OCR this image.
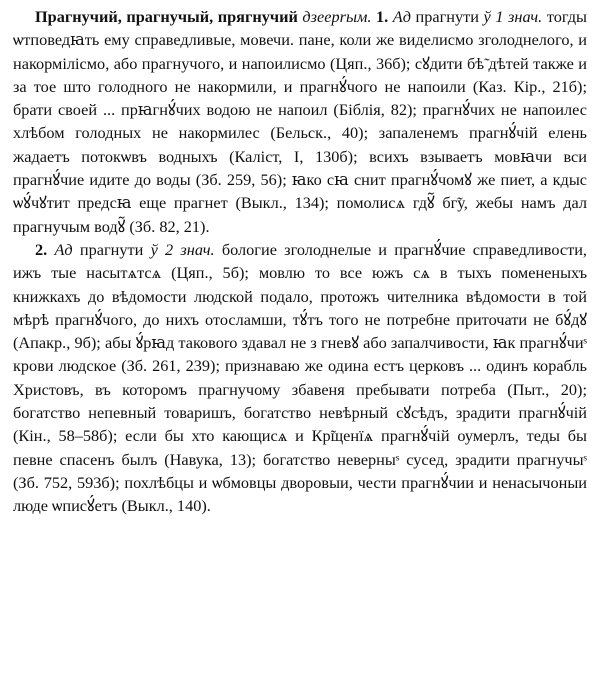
Прагнучий, прагнучый, прягнучий дзеeprым. 1. Ад прагнути ў 1 знач. тогды ѡтповедꙗть ему справедливые, мовечи. пане, коли же виделисмо зголоднелого, и накормілісмо, або прагнучого, и напоилисмо (Цяп., 36б); сꙋдити бѣ̃ дѣтей также и за тое што голодного не накормили, и прагнꙋ́чого не напоили (Каз. Кір., 21б); брати своей ... прꙗгнꙋ́чих водою не напоил (Біблія, 82); прагнꙋ́чих не напоилес хлѣбом голодных не накормилес (Бельск., 40); запаленемъ прагнꙋ́чій елень жадаетъ потокѡвъ водныхъ (Каліст, І, 130б); всихъ взываетъ мовꙗчи вси прагнꙋ́чие идите до воды (Зб. 259, 56); ꙗко сꙗ снит прагнꙋ́чомꙋ же пиет, а кдыс ѡꙋ́чꙋтит предсꙗ еще прагнет (Выкл., 134); помолисѧ гдꙋ̃ бг̃у, жебы намъ дал прагнучым водꙋ̃ (Зб. 82, 21).

2. Ад прагнути ў 2 знач. бологие зголоднелые и прагнꙋ́чие справедливости, ижъ тые насытѧтсѧ (Цяп., 5б); мовлю то все южъ сѧ в тыхъ помененыхъ книжкахъ до вѣдомости людской подало, протожъ чителника вѣдомости в той мѣрѣ прагнꙋ́чого, до нихъ отосламши, тꙋ́тъ того не потребне приточати не бꙋ́дꙋ (Апакр., 9б); абы ꙋ́рꙗд таковоrо здавал не з гневꙋ або запалчивости, ꙗк прагнꙋ́чиˢ крови людское (Зб. 261, 239); признаваю же одина естъ церковъ ... одинъ корабль Христовъ, въ которомъ прагнучому збавеня пребывати потреба (Пыт., 20); богатство непевный товаришъ, богатство невѣрный сꙋсѣдъ, зрадити прагнꙋ́чій (Кін., 58–58б); если бы хто кающисѧ и Кр̃щенїѧ прагнꙋ́чій оумерлъ, теды бы певне спасенъ былъ (Навука, 13); богатство неверныˢ сусед, зрадити прагнучыˢ (Зб. 752, 593б); похлѣбцы и ѡбмовцы дворовыи, чести прагнꙋ́чии и ненасычоныи люде ѡписꙋ́етъ (Выкл., 140).
